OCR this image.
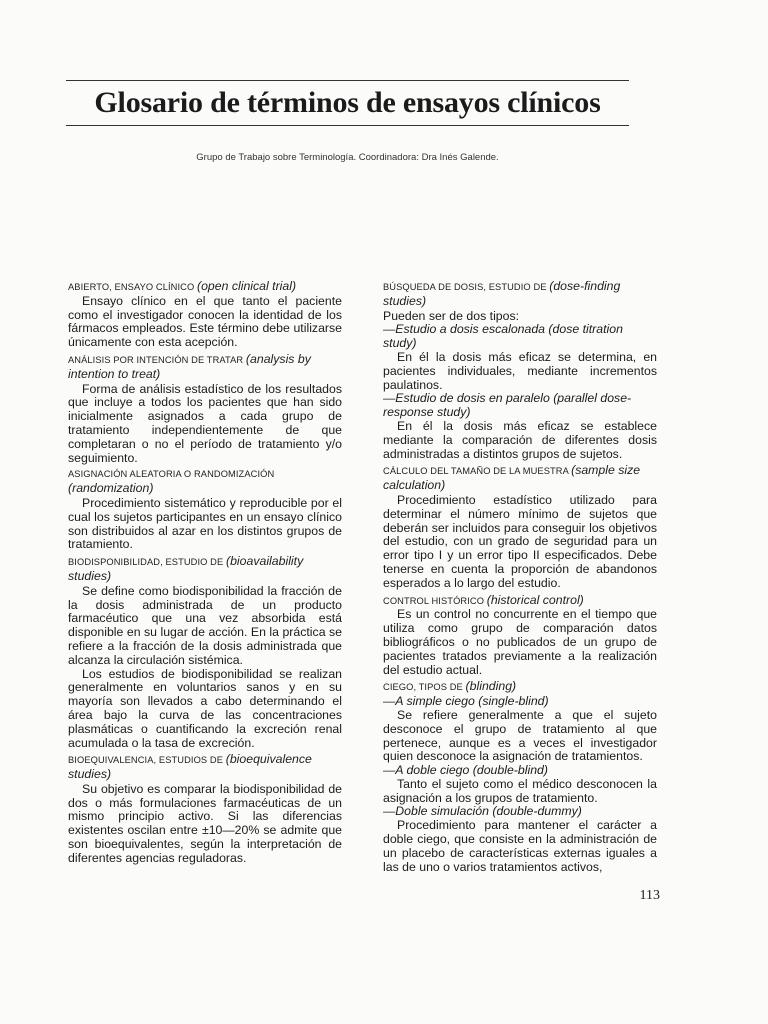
Glosario de términos de ensayos clínicos

Grupo de Trabajo sobre Terminología. Coordinadora: Dra Inés Galende.

ABIERTO, ENSAYO CLÍNICO (open clinical trial)

Ensayo clínico en el que tanto el paciente como el investigador conocen la identidad de los fármacos empleados. Este término debe utilizarse únicamente con esta acepción.

ANÁLISIS POR INTENCIÓN DE TRATAR (analysis by intention to treat)

Forma de análisis estadístico de los resultados que incluye a todos los pacientes que han sido inicialmente asignados a cada grupo de tratamiento independientemente de que completaran o no el período de tratamiento y/o seguimiento.

ASIGNACIÓN ALEATORIA O RANDOMIZACIÓN (randomization)

Procedimiento sistemático y reproducible por el cual los sujetos participantes en un ensayo clínico son distribuidos al azar en los distintos grupos de tratamiento.

BIODISPONIBILIDAD, ESTUDIO DE (bioavailability studies)

Se define como biodisponibilidad la fracción de la dosis administrada de un producto farmacéutico que una vez absorbida está disponible en su lugar de acción. En la práctica se refiere a la fracción de la dosis administrada que alcanza la circulación sistémica.

Los estudios de biodisponibilidad se realizan generalmente en voluntarios sanos y en su mayoría son llevados a cabo determinando el área bajo la curva de las concentraciones plasmáticas o cuantificando la excreción renal acumulada o la tasa de excreción.

BIOEQUIVALENCIA, ESTUDIOS DE (bioequivalence studies)

Su objetivo es comparar la biodisponibilidad de dos o más formulaciones farmacéuticas de un mismo principio activo. Si las diferencias existentes oscilan entre ±10—20% se admite que son bioequivalentes, según la interpretación de diferentes agencias reguladoras.

BÚSQUEDA DE DOSIS, ESTUDIO DE (dose-finding studies)

Pueden ser de dos tipos:

—Estudio a dosis escalonada (dose titration study)

En él la dosis más eficaz se determina, en pacientes individuales, mediante incrementos paulatinos.

—Estudio de dosis en paralelo (parallel dose-response study)

En él la dosis más eficaz se establece mediante la comparación de diferentes dosis administradas a distintos grupos de sujetos.

CÁLCULO DEL TAMAÑO DE LA MUESTRA (sample size calculation)

Procedimiento estadístico utilizado para determinar el número mínimo de sujetos que deberán ser incluidos para conseguir los objetivos del estudio, con un grado de seguridad para un error tipo I y un error tipo II especificados. Debe tenerse en cuenta la proporción de abandonos esperados a lo largo del estudio.

CONTROL HISTÓRICO (historical control)

Es un control no concurrente en el tiempo que utiliza como grupo de comparación datos bibliográficos o no publicados de un grupo de pacientes tratados previamente a la realización del estudio actual.

CIEGO, TIPOS DE (blinding)

—A simple ciego (single-blind)

Se refiere generalmente a que el sujeto desconoce el grupo de tratamiento al que pertenece, aunque es a veces el investigador quien desconoce la asignación de tratamientos.

—A doble ciego (double-blind)

Tanto el sujeto como el médico desconocen la asignación a los grupos de tratamiento.

—Doble simulación (double-dummy)

Procedimiento para mantener el carácter a doble ciego, que consiste en la administración de un placebo de características externas iguales a las de uno o varios tratamientos activos,

113
